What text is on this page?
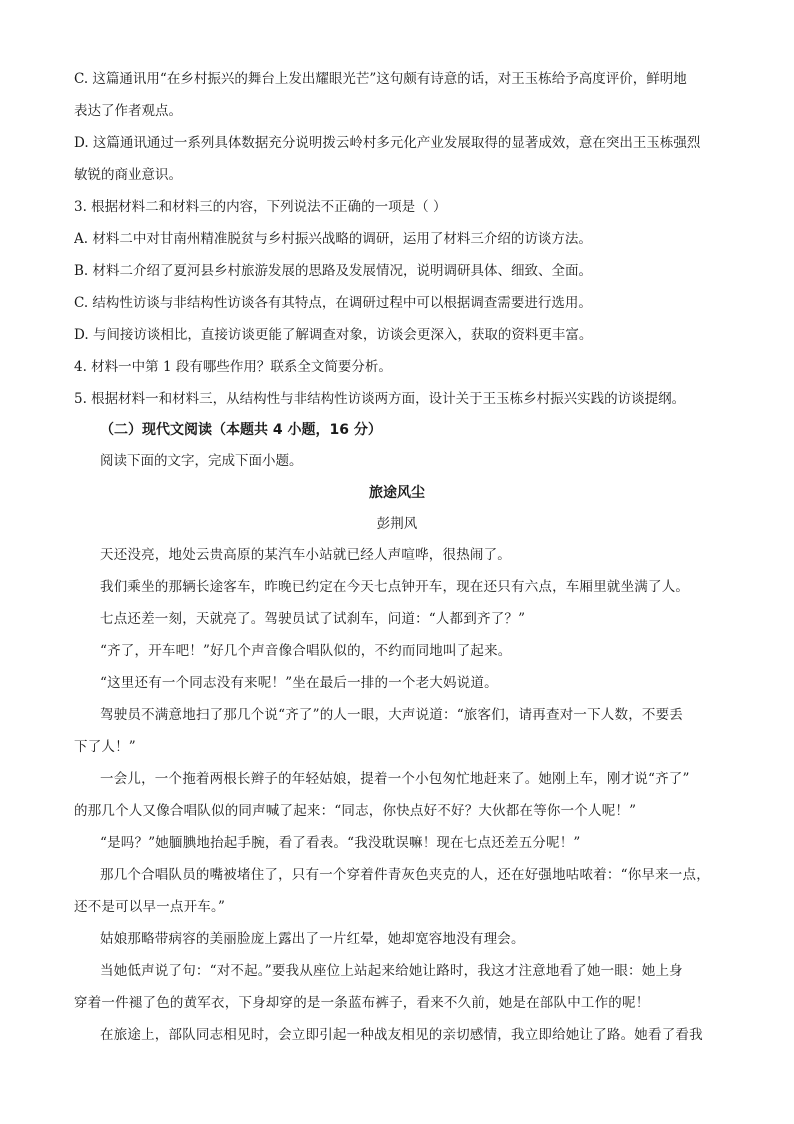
C. 这篇通讯用“在乡村振兴的舞台上发出耀眼光芒”这句颇有诗意的话，对王玉栋给予高度评价，鲜明地
表达了作者观点。
D. 这篇通讯通过一系列具体数据充分说明拨云岭村多元化产业发展取得的显著成效，意在突出王玉栋强烈
敏锐的商业意识。
3. 根据材料二和材料三的内容，下列说法不正确的一项是（ ）
A. 材料二中对甘南州精准脱贫与乡村振兴战略的调研，运用了材料三介绍的访谈方法。
B. 材料二介绍了夏河县乡村旅游发展的思路及发展情况，说明调研具体、细致、全面。
C. 结构性访谈与非结构性访谈各有其特点，在调研过程中可以根据调查需要进行选用。
D. 与间接访谈相比，直接访谈更能了解调查对象，访谈会更深入，获取的资料更丰富。
4. 材料一中第 1 段有哪些作用？联系全文简要分析。
5. 根据材料一和材料三，从结构性与非结构性访谈两方面，设计关于王玉栋乡村振兴实践的访谈提纲。
（二）现代文阅读（本题共 4 小题，16 分）
阅读下面的文字，完成下面小题。
旅途风尘
彭荆风
天还没亮，地处云贵高原的某汽车小站就已经人声喧哗，很热闹了。
我们乘坐的那辆长途客车，昨晚已约定在今天七点钟开车，现在还只有六点，车厢里就坐满了人。
七点还差一刻，天就亮了。驾驶员试了试刹车，问道：“人都到齐了？”
“齐了，开车吧！”好几个声音像合唱队似的，不约而同地叫了起来。
“这里还有一个同志没有来呢！”坐在最后一排的一个老大妈说道。
驾驶员不满意地扫了那几个说“齐了”的人一眼，大声说道：“旅客们，请再查对一下人数，不要丢
下了人！”
一会儿，一个拖着两根长辫子的年轻姑娘，提着一个小包匆忙地赶来了。她刚上车，刚才说“齐了”
的那几个人又像合唱队似的同声喊了起来：“同志，你快点好不好？大伙都在等你一个人呢！”
“是吗？”她腼腆地抬起手腕，看了看表。“我没耽误嘛！现在七点还差五分呢！”
那几个合唱队员的嘴被堵住了，只有一个穿着件青灰色夹克的人，还在好强地咕哝着：“你早来一点，
还不是可以早一点开车。”
姑娘那略带病容的美丽脸庞上露出了一片红晕，她却宽容地没有理会。
当她低声说了句：“对不起。”要我从座位上站起来给她让路时，我这才注意地看了她一眼：她上身
穿着一件褪了色的黄军衣，下身却穿的是一条蓝布裤子，看来不久前，她是在部队中工作的呢！
在旅途上，部队同志相见时，会立即引起一种战友相见的亲切感情，我立即给她让了路。她看了看我
